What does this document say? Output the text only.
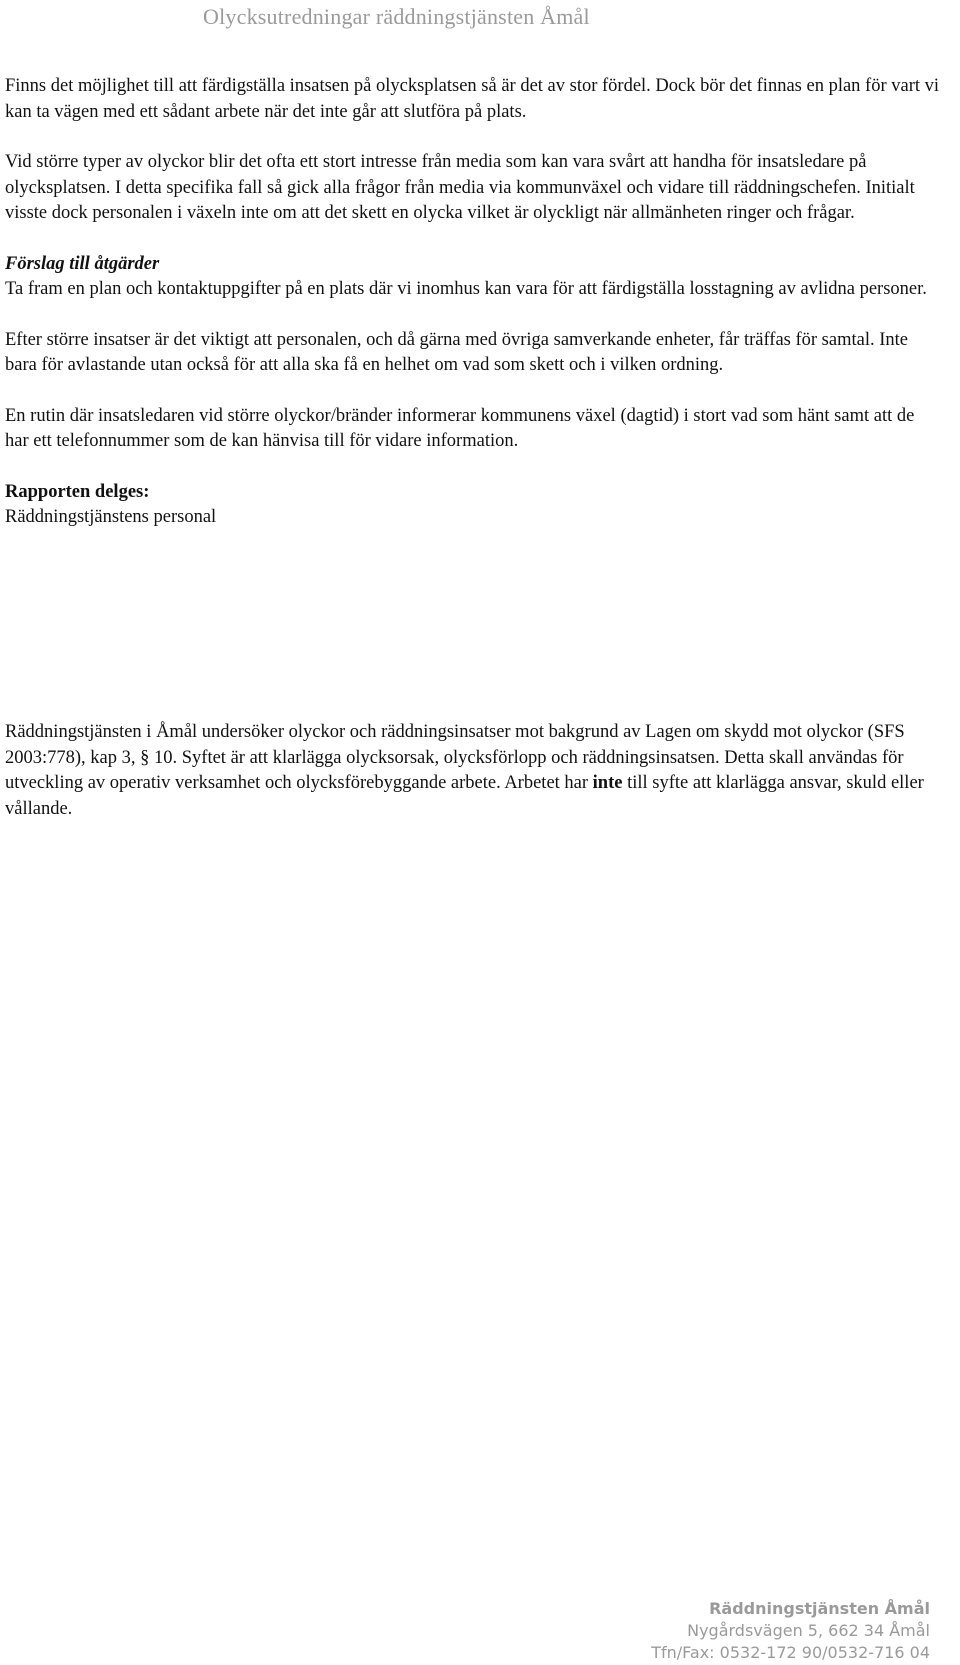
Olycksutredningar räddningstjänsten Åmål

Finns det möjlighet till att färdigställa insatsen på olycksplatsen så är det av stor fördel. Dock bör det finnas en plan för vart vi kan ta vägen med ett sådant arbete när det inte går att slutföra på plats.

Vid större typer av olyckor blir det ofta ett stort intresse från media som kan vara svårt att handha för insatsledare på olycksplatsen. I detta specifika fall så gick alla frågor från media via kommunväxel och vidare till räddningschefen. Initialt visste dock personalen i växeln inte om att det skett en olycka vilket är olyckligt när allmänheten ringer och frågar.

Förslag till åtgärder

Ta fram en plan och kontaktuppgifter på en plats där vi inomhus kan vara för att färdigställa losstagning av avlidna personer.

Efter större insatser är det viktigt att personalen, och då gärna med övriga samverkande enheter, får träffas för samtal. Inte bara för avlastande utan också för att alla ska få en helhet om vad som skett och i vilken ordning.

En rutin där insatsledaren vid större olyckor/bränder informerar kommunens växel (dagtid) i stort vad som hänt samt att de har ett telefonnummer som de kan hänvisa till för vidare information.

Rapporten delges:

Räddningstjänstens personal

Räddningstjänsten i Åmål undersöker olyckor och räddningsinsatser mot bakgrund av Lagen om skydd mot olyckor (SFS 2003:778), kap 3, § 10. Syftet är att klarlägga olycksorsak, olycksförlopp och räddningsinsatsen. Detta skall användas för utveckling av operativ verksamhet och olycksförebyggande arbete. Arbetet har inte till syfte att klarlägga ansvar, skuld eller vållande.
Räddningstjänsten Åmål
Nygårdsvägen 5, 662 34 Åmål
Tfn/Fax: 0532-172 90/0532-716 04
